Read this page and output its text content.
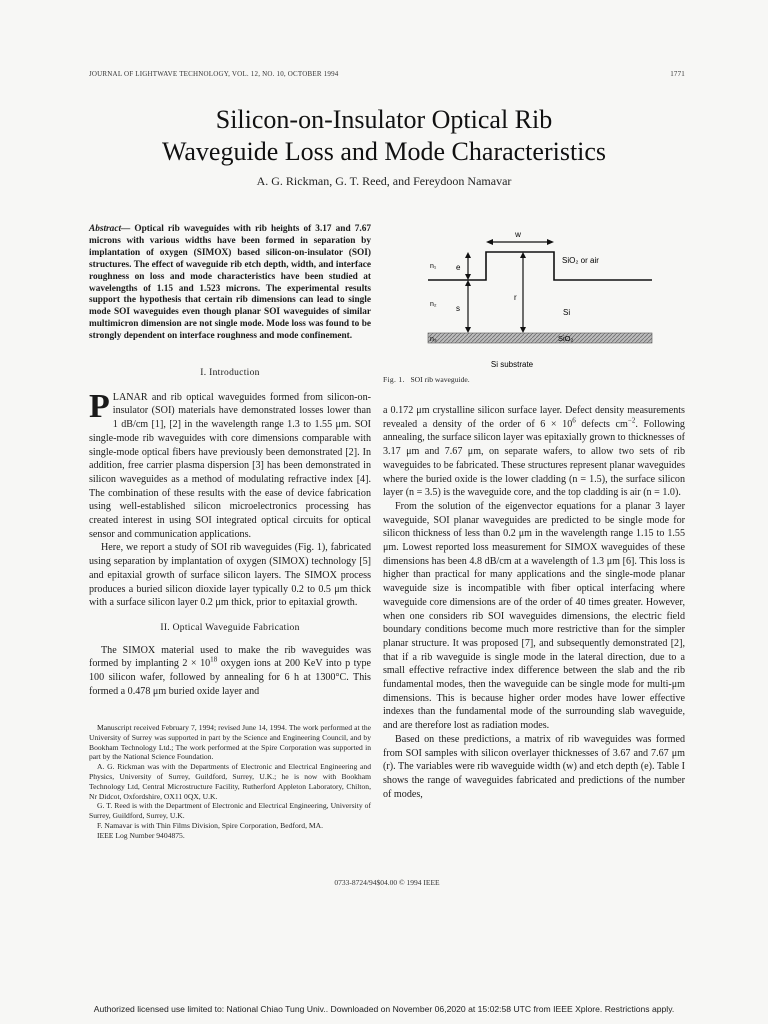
JOURNAL OF LIGHTWAVE TECHNOLOGY, VOL. 12, NO. 10, OCTOBER 1994	1771
Silicon-on-Insulator Optical Rib
Waveguide Loss and Mode Characteristics
A. G. Rickman, G. T. Reed, and Fereydoon Namavar
Abstract— Optical rib waveguides with rib heights of 3.17 and 7.67 microns with various widths have been formed in separation by implantation of oxygen (SIMOX) based silicon-on-insulator (SOI) structures. The effect of waveguide rib etch depth, width, and interface roughness on loss and mode characteristics have been studied at wavelengths of 1.15 and 1.523 microns. The experimental results support the hypothesis that certain rib dimensions can lead to single mode SOI waveguides even though planar SOI waveguides of similar multimicron dimension are not single mode. Mode loss was found to be strongly dependent on interface roughness and mode confinement.
I. Introduction

PLANAR and rib optical waveguides formed from silicon-on-insulator (SOI) materials have demonstrated losses lower than 1 dB/cm [1], [2] in the wavelength range 1.3 to 1.55 μm. SOI single-mode rib waveguides with core dimensions comparable with single-mode optical fibers have previously been demonstrated [2]. In addition, free carrier plasma dispersion [3] has been demonstrated in silicon waveguides as a method of modulating refractive index [4]. The combination of these results with the ease of device fabrication using well-established silicon microelectronics processing has created interest in using SOI integrated optical circuits for optical sensor and communication applications.

Here, we report a study of SOI rib waveguides (Fig. 1), fabricated using separation by implantation of oxygen (SIMOX) technology [5] and epitaxial growth of surface silicon layers. The SIMOX process produces a buried silicon dioxide layer typically 0.2 to 0.5 μm thick with a surface silicon layer 0.2 μm thick, prior to epitaxial growth.

II. Optical Waveguide Fabrication

The SIMOX material used to make the rib waveguides was formed by implanting $2 \times 10^{18}$ oxygen ions at 200 KeV into p type 100 silicon wafer, followed by annealing for 6 h at 1300°C. This formed a 0.478 μm buried oxide layer and

Manuscript received February 7, 1994; revised June 14, 1994. The work performed at the University of Surrey was supported in part by the Science and Engineering Council, and by Bookham Technology Ltd.; The work performed at the Spire Corporation was supported in part by the National Science Foundation.

A. G. Rickman was with the Departments of Electronic and Electrical Engineering and Physics, University of Surrey, Guildford, Surrey, U.K.; he is now with Bookham Technology Ltd, Central Microstructure Facility, Rutherford Appleton Laboratory, Chilton, Nr Didcot, Oxfordshire, OX11 0QX, U.K.

G. T. Reed is with the Department of Electronic and Electrical Engineering, University of Surrey, Guildford, Surrey, U.K.

F. Namavar is with Thin Films Division, Spire Corporation, Bedford, MA.

IEEE Log Number 9404875.

w
n₁ e
SiO₂ or air
r
n₂ s	Si
n₃	SiO₂
Si substrate
Fig. 1. SOI rib waveguide.

a 0.172 μm crystalline silicon surface layer. Defect density measurements revealed a density of the order of $6 \times 10^6$ defects $cm^{-2}$. Following annealing, the surface silicon layer was epitaxially grown to thicknesses of 3.17 μm and 7.67 μm, on separate wafers, to allow two sets of rib waveguides to be fabricated. These structures represent planar waveguides where the buried oxide is the lower cladding (n = 1.5), the surface silicon layer (n = 3.5) is the waveguide core, and the top cladding is air (n = 1.0).

From the solution of the eigenvector equations for a planar 3 layer waveguide, SOI planar waveguides are predicted to be single mode for silicon thickness of less than 0.2 μm in the wavelength range 1.15 to 1.55 μm. Lowest reported loss measurement for SIMOX waveguides of these dimensions has been 4.8 dB/cm at a wavelength of 1.3 μm [6]. This loss is higher than practical for many applications and the single-mode planar waveguide size is incompatible with fiber optical interfacing where waveguide core dimensions are of the order of 40 times greater. However, when one considers rib SOI waveguides dimensions, the electric field boundary conditions become much more restrictive than for the simpler planar structure. It was proposed [7], and subsequently demonstrated [2], that if a rib waveguide is single mode in the lateral direction, due to a small effective refractive index difference between the slab and the rib fundamental modes, then the waveguide can be single mode for multi-μm dimensions. This is because higher order modes have lower effective indexes than the fundamental mode of the surrounding slab waveguide, and are therefore lost as radiation modes.

Based on these predictions, a matrix of rib waveguides was formed from SOI samples with silicon overlayer thicknesses of 3.67 and 7.67 μm (r). The variables were rib waveguide width (w) and etch depth (e). Table I shows the range of waveguides fabricated and predictions of the number of modes,

0733-8724/94$04.00 © 1994 IEEE
Authorized licensed use limited to: National Chiao Tung Univ.. Downloaded on November 06,2020 at 15:02:58 UTC from IEEE Xplore. Restrictions apply.
